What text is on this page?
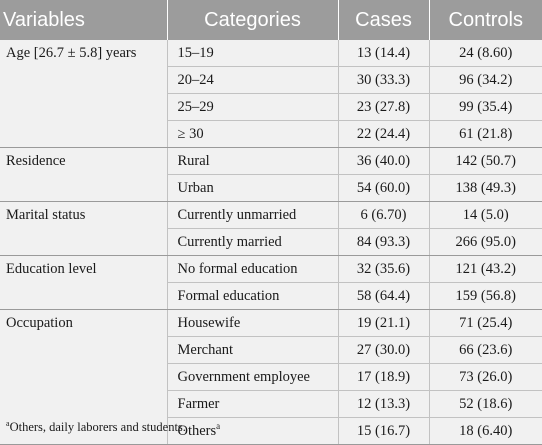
Variables	Categories	Cases	Controls
Age [26.7 ± 5.8] years	15–19	13 (14.4)	24 (8.60)
	20–24	30 (33.3)	96 (34.2)
	25–29	23 (27.8)	99 (35.4)
	≥ 30	22 (24.4)	61 (21.8)
Residence	Rural	36 (40.0)	142 (50.7)
	Urban	54 (60.0)	138 (49.3)
Marital status	Currently unmarried	6 (6.70)	14 (5.0)
	Currently married	84 (93.3)	266 (95.0)
Education level	No formal education	32 (35.6)	121 (43.2)
	Formal education	58 (64.4)	159 (56.8)
Occupation	Housewife	19 (21.1)	71 (25.4)
	Merchant	27 (30.0)	66 (23.6)
	Government employee	17 (18.9)	73 (26.0)
	Farmer	12 (13.3)	52 (18.6)
	Others$^a$	15 (16.7)	18 (6.40)
$^a$Others, daily laborers and students.
